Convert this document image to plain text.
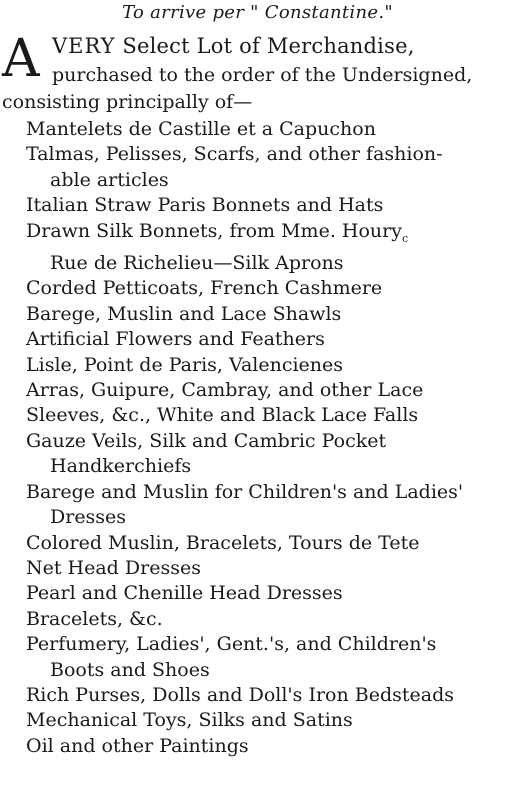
To arrive per " Constantine."
A VERY Select Lot of Merchandise,
purchased to the order of the Undersigned,
consisting principally of—
Mantelets de Castille et a Capuchon
Talmas, Pelisses, Scarfs, and other fashion-
able articles
Italian Straw Paris Bonnets and Hats
Drawn Silk Bonnets, from Mme. Houry$_c$
Rue de Richelieu—Silk Aprons
Corded Petticoats, French Cashmere
Barege, Muslin and Lace Shawls
Artificial Flowers and Feathers
Lisle, Point de Paris, Valencienes
Arras, Guipure, Cambray, and other Lace
Sleeves, &c., White and Black Lace Falls
Gauze Veils, Silk and Cambric Pocket
Handkerchiefs
Barege and Muslin for Children's and Ladies'
Dresses
Colored Muslin, Bracelets, Tours de Tete
Net Head Dresses
Pearl and Chenille Head Dresses
Bracelets, &c.
Perfumery, Ladies', Gent.'s, and Children's
Boots and Shoes
Rich Purses, Dolls and Doll's Iron Bedsteads
Mechanical Toys, Silks and Satins
Oil and other Paintings
